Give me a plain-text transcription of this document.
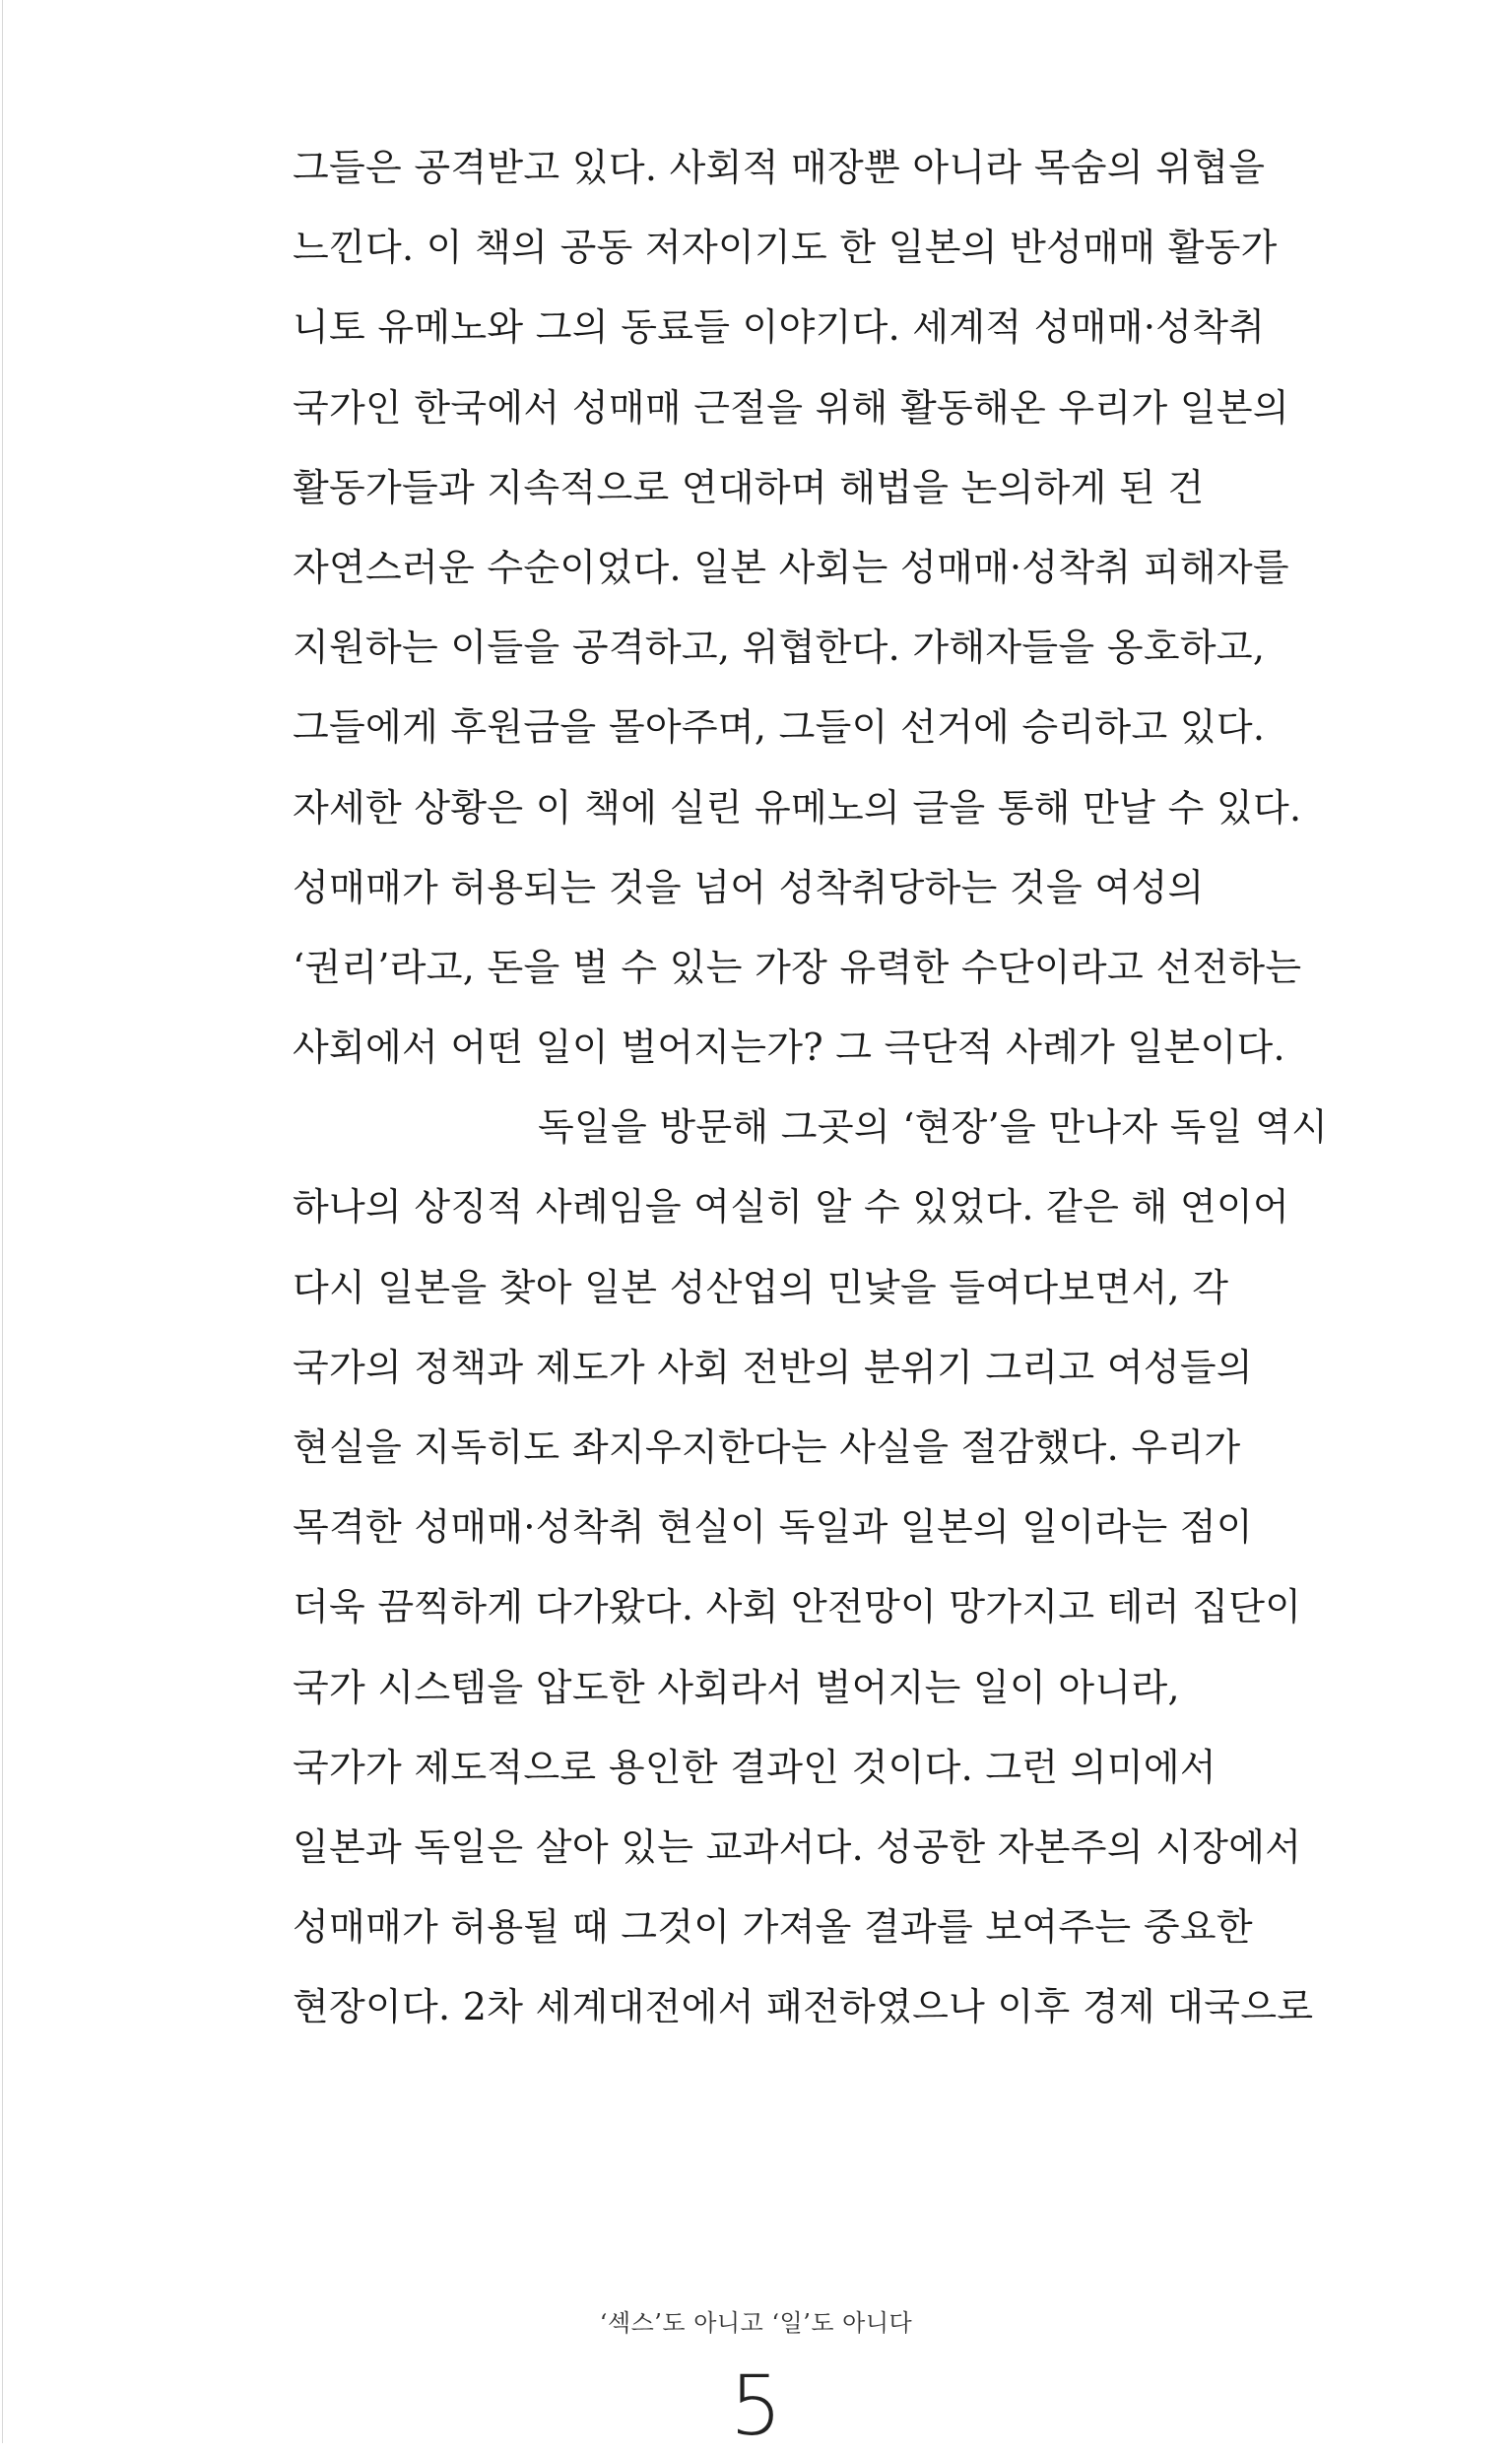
그들은 공격받고 있다. 사회적 매장뿐 아니라 목숨의 위협을
느낀다. 이 책의 공동 저자이기도 한 일본의 반성매매 활동가
니토 유메노와 그의 동료들 이야기다. 세계적 성매매·성착취
국가인 한국에서 성매매 근절을 위해 활동해온 우리가 일본의
활동가들과 지속적으로 연대하며 해법을 논의하게 된 건
자연스러운 수순이었다. 일본 사회는 성매매·성착취 피해자를
지원하는 이들을 공격하고, 위협한다. 가해자들을 옹호하고,
그들에게 후원금을 몰아주며, 그들이 선거에 승리하고 있다.
자세한 상황은 이 책에 실린 유메노의 글을 통해 만날 수 있다.
성매매가 허용되는 것을 넘어 성착취당하는 것을 여성의
‘권리’라고, 돈을 벌 수 있는 가장 유력한 수단이라고 선전하는
사회에서 어떤 일이 벌어지는가? 그 극단적 사례가 일본이다.
독일을 방문해 그곳의 ‘현장’을 만나자 독일 역시
하나의 상징적 사례임을 여실히 알 수 있었다. 같은 해 연이어
다시 일본을 찾아 일본 성산업의 민낯을 들여다보면서, 각
국가의 정책과 제도가 사회 전반의 분위기 그리고 여성들의
현실을 지독히도 좌지우지한다는 사실을 절감했다. 우리가
목격한 성매매·성착취 현실이 독일과 일본의 일이라는 점이
더욱 끔찍하게 다가왔다. 사회 안전망이 망가지고 테러 집단이
국가 시스템을 압도한 사회라서 벌어지는 일이 아니라,
국가가 제도적으로 용인한 결과인 것이다. 그런 의미에서
일본과 독일은 살아 있는 교과서다. 성공한 자본주의 시장에서
성매매가 허용될 때 그것이 가져올 결과를 보여주는 중요한
현장이다. 2차 세계대전에서 패전하였으나 이후 경제 대국으로
‘섹스’도 아니고 ‘일’도 아니다
5
